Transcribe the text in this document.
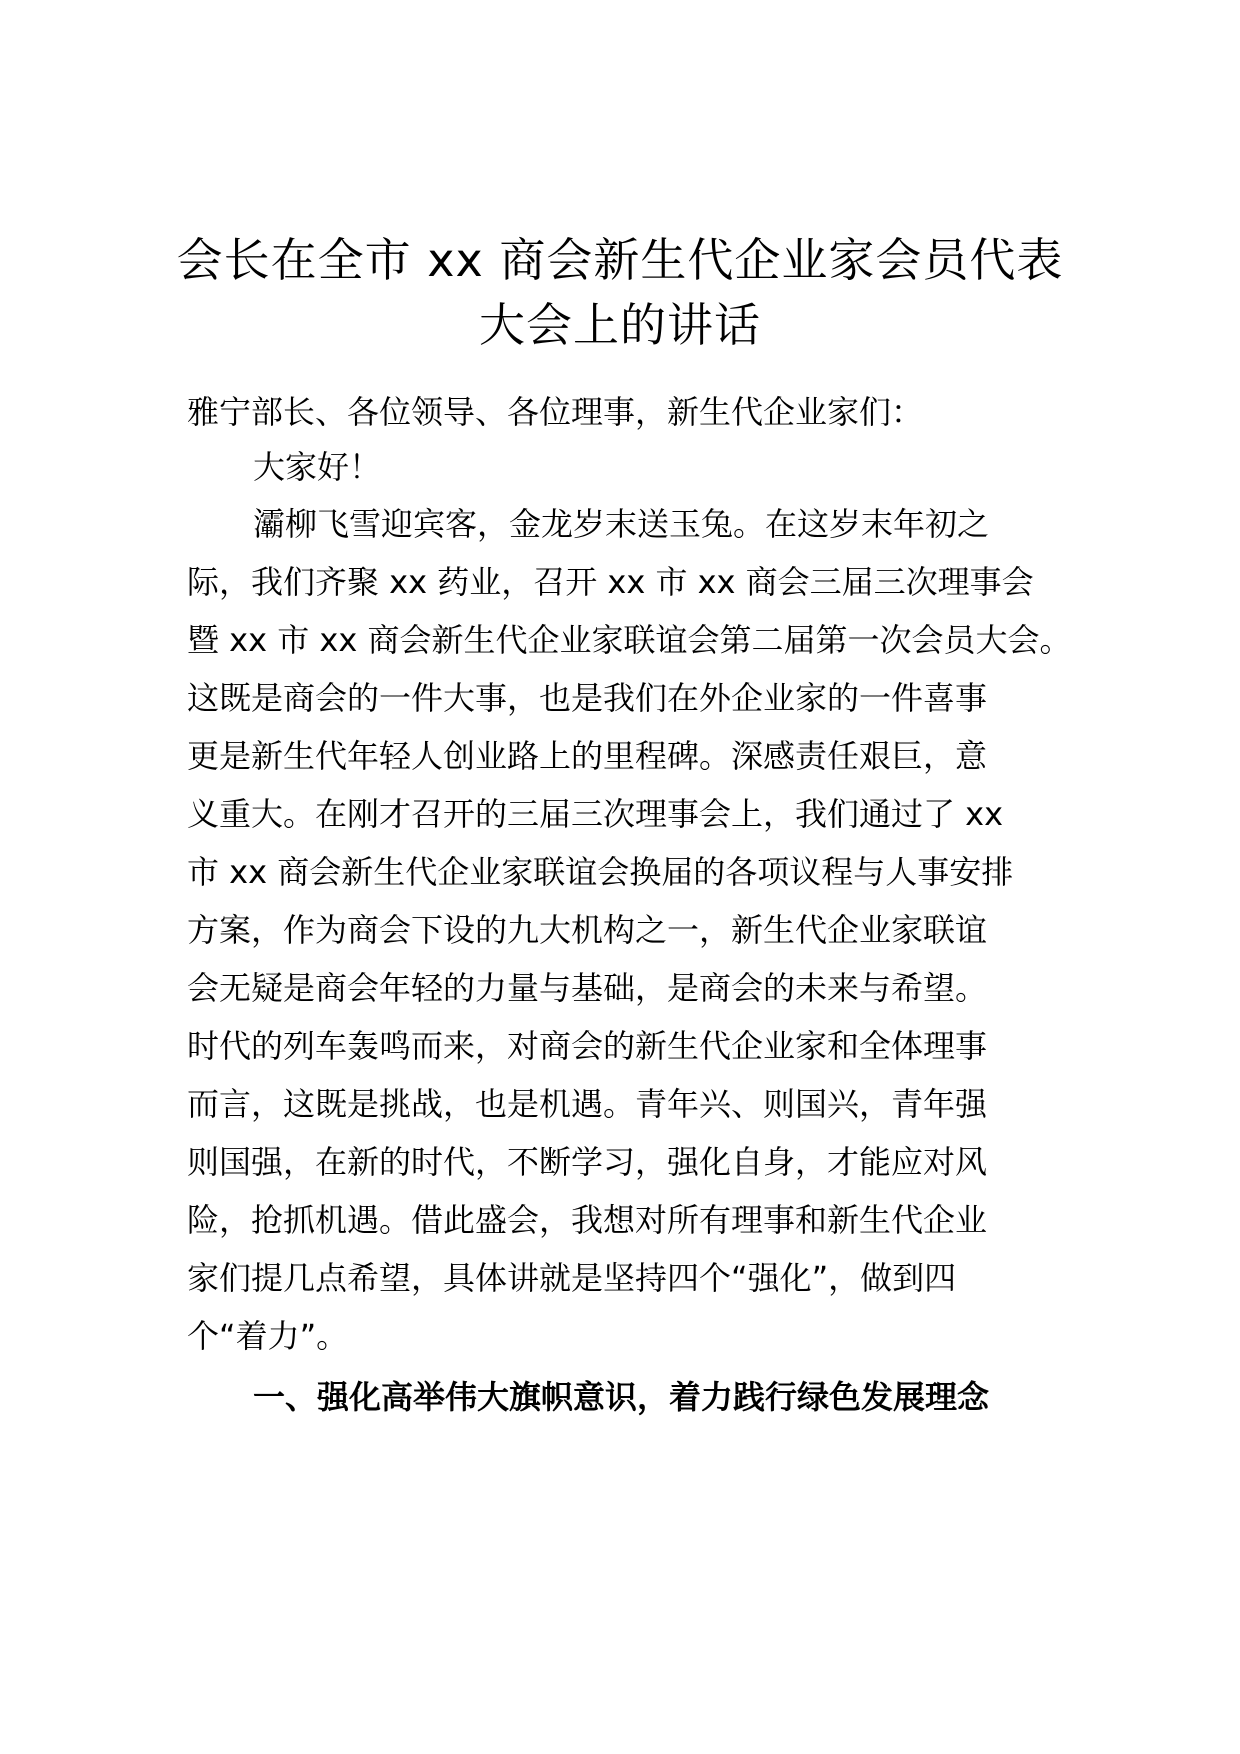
会长在全市 xx 商会新生代企业家会员代表
大会上的讲话

雅宁部长、各位领导、各位理事，新生代企业家们：

大家好！

灞柳飞雪迎宾客，金龙岁末送玉兔。在这岁末年初之

际，我们齐聚 xx 药业，召开 xx 市 xx 商会三届三次理事会

暨 xx 市 xx 商会新生代企业家联谊会第二届第一次会员大会。

这既是商会的一件大事，也是我们在外企业家的一件喜事

更是新生代年轻人创业路上的里程碑。深感责任艰巨，意

义重大。在刚才召开的三届三次理事会上，我们通过了 xx

市 xx 商会新生代企业家联谊会换届的各项议程与人事安排

方案，作为商会下设的九大机构之一，新生代企业家联谊

会无疑是商会年轻的力量与基础，是商会的未来与希望。

时代的列车轰鸣而来，对商会的新生代企业家和全体理事

而言，这既是挑战，也是机遇。青年兴、则国兴，青年强

则国强，在新的时代，不断学习，强化自身，才能应对风

险，抢抓机遇。借此盛会，我想对所有理事和新生代企业

家们提几点希望，具体讲就是坚持四个“强化”，做到四

个“着力”。

一、强化高举伟大旗帜意识，着力践行绿色发展理念
